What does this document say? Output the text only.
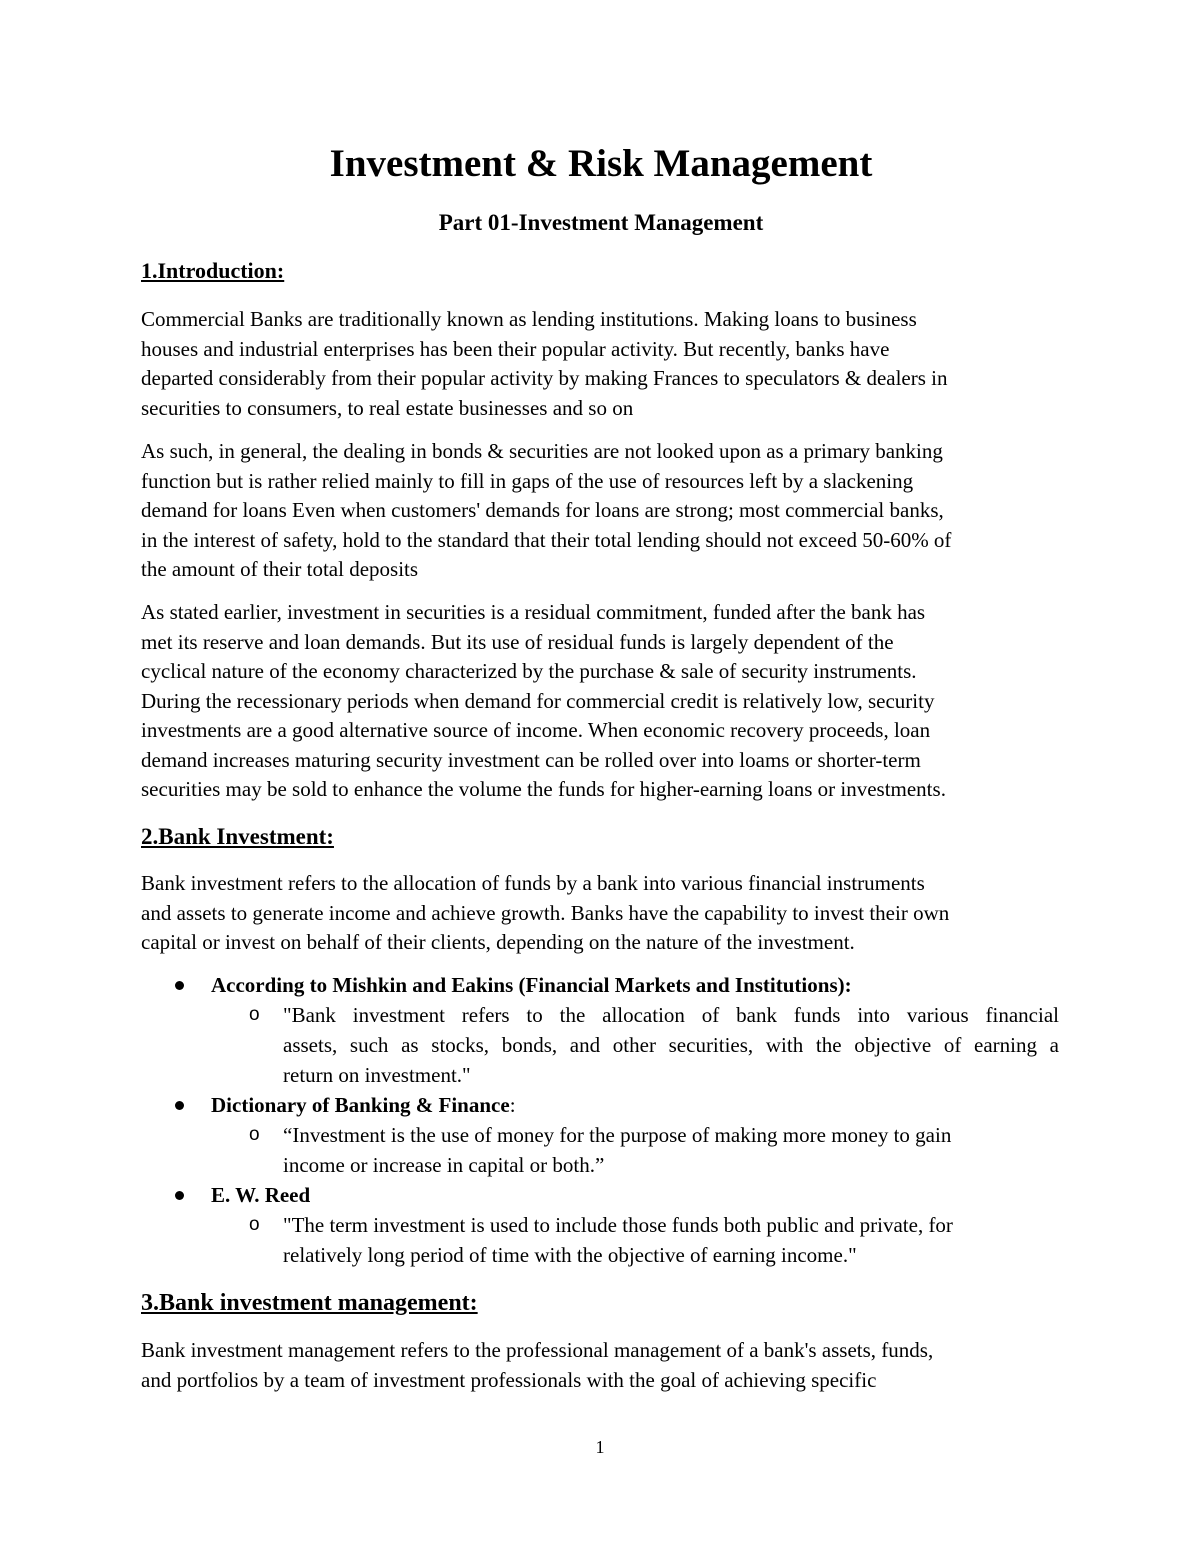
Investment & Risk Management
Part 01-Investment Management
1.Introduction:

Commercial Banks are traditionally known as lending institutions. Making loans to business
houses and industrial enterprises has been their popular activity. But recently, banks have
departed considerably from their popular activity by making Frances to speculators & dealers in
securities to consumers, to real estate businesses and so on

As such, in general, the dealing in bonds & securities are not looked upon as a primary banking
function but is rather relied mainly to fill in gaps of the use of resources left by a slackening
demand for loans Even when customers' demands for loans are strong; most commercial banks,
in the interest of safety, hold to the standard that their total lending should not exceed 50-60% of
the amount of their total deposits

As stated earlier, investment in securities is a residual commitment, funded after the bank has
met its reserve and loan demands. But its use of residual funds is largely dependent of the
cyclical nature of the economy characterized by the purchase & sale of security instruments.
During the recessionary periods when demand for commercial credit is relatively low, security
investments are a good alternative source of income. When economic recovery proceeds, loan
demand increases maturing security investment can be rolled over into loams or shorter-term
securities may be sold to enhance the volume the funds for higher-earning loans or investments.

2.Bank Investment:

Bank investment refers to the allocation of funds by a bank into various financial instruments
and assets to generate income and achieve growth. Banks have the capability to invest their own
capital or invest on behalf of their clients, depending on the nature of the investment.

According to Mishkin and Eakins (Financial Markets and Institutions):
o "Bank investment refers to the allocation of bank funds into various financial
assets, such as stocks, bonds, and other securities, with the objective of earning a
return on investment."
Dictionary of Banking & Finance:
o “Investment is the use of money for the purpose of making more money to gain
income or increase in capital or both.”
E. W. Reed
o "The term investment is used to include those funds both public and private, for
relatively long period of time with the objective of earning income."
3.Bank investment management:

Bank investment management refers to the professional management of a bank's assets, funds,
and portfolios by a team of investment professionals with the goal of achieving specific

1
